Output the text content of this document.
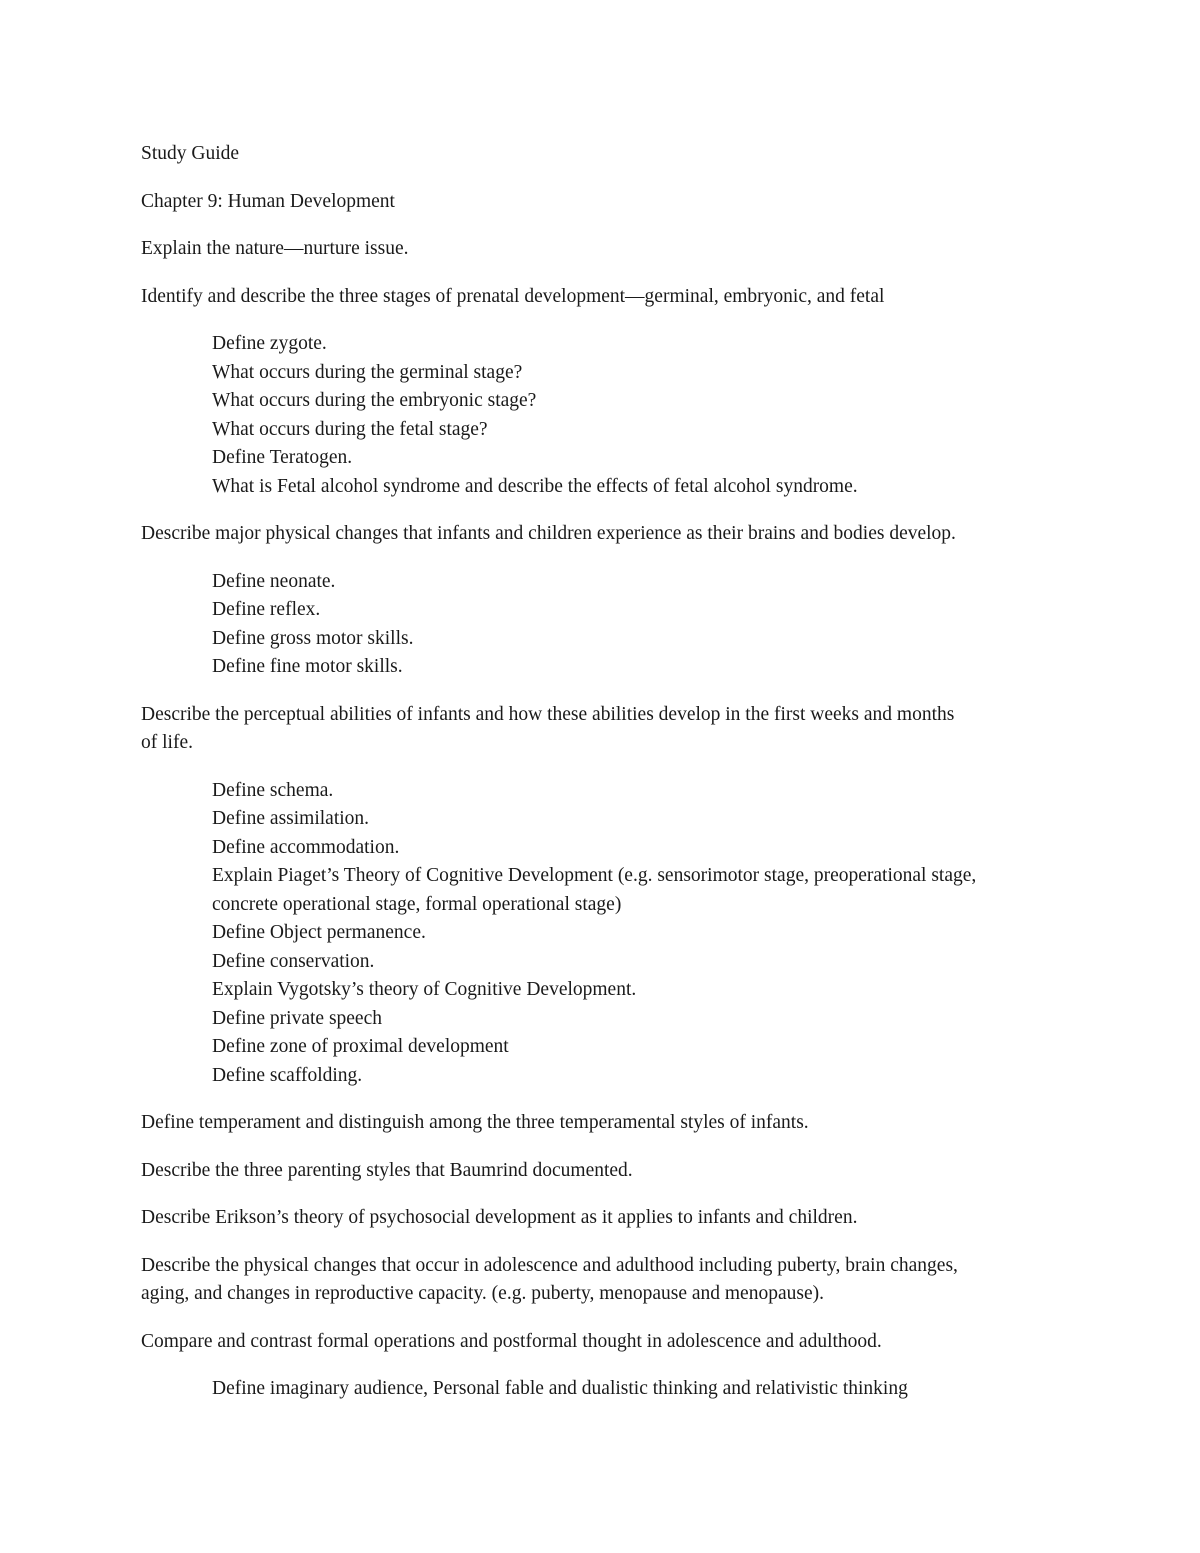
Study Guide
Chapter 9: Human Development
Explain the nature—nurture issue.
Identify and describe the three stages of prenatal development—germinal, embryonic, and fetal
Define zygote.
What occurs during the germinal stage?
What occurs during the embryonic stage?
What occurs during the fetal stage?
Define Teratogen.
What is Fetal alcohol syndrome and describe the effects of fetal alcohol syndrome.
Describe major physical changes that infants and children experience as their brains and bodies develop.
Define neonate.
Define reflex.
Define gross motor skills.
Define fine motor skills.
Describe the perceptual abilities of infants and how these abilities develop in the first weeks and months
of life.
Define schema.
Define assimilation.
Define accommodation.
Explain Piaget’s Theory of Cognitive Development (e.g. sensorimotor stage, preoperational stage,
concrete operational stage, formal operational stage)
Define Object permanence.
Define conservation.
Explain Vygotsky’s theory of Cognitive Development.
Define private speech
Define zone of proximal development
Define scaffolding.
Define temperament and distinguish among the three temperamental styles of infants.
Describe the three parenting styles that Baumrind documented.
Describe Erikson’s theory of psychosocial development as it applies to infants and children.
Describe the physical changes that occur in adolescence and adulthood including puberty, brain changes,
aging, and changes in reproductive capacity. (e.g. puberty, menopause and menopause).
Compare and contrast formal operations and postformal thought in adolescence and adulthood.
Define imaginary audience, Personal fable and dualistic thinking and relativistic thinking
